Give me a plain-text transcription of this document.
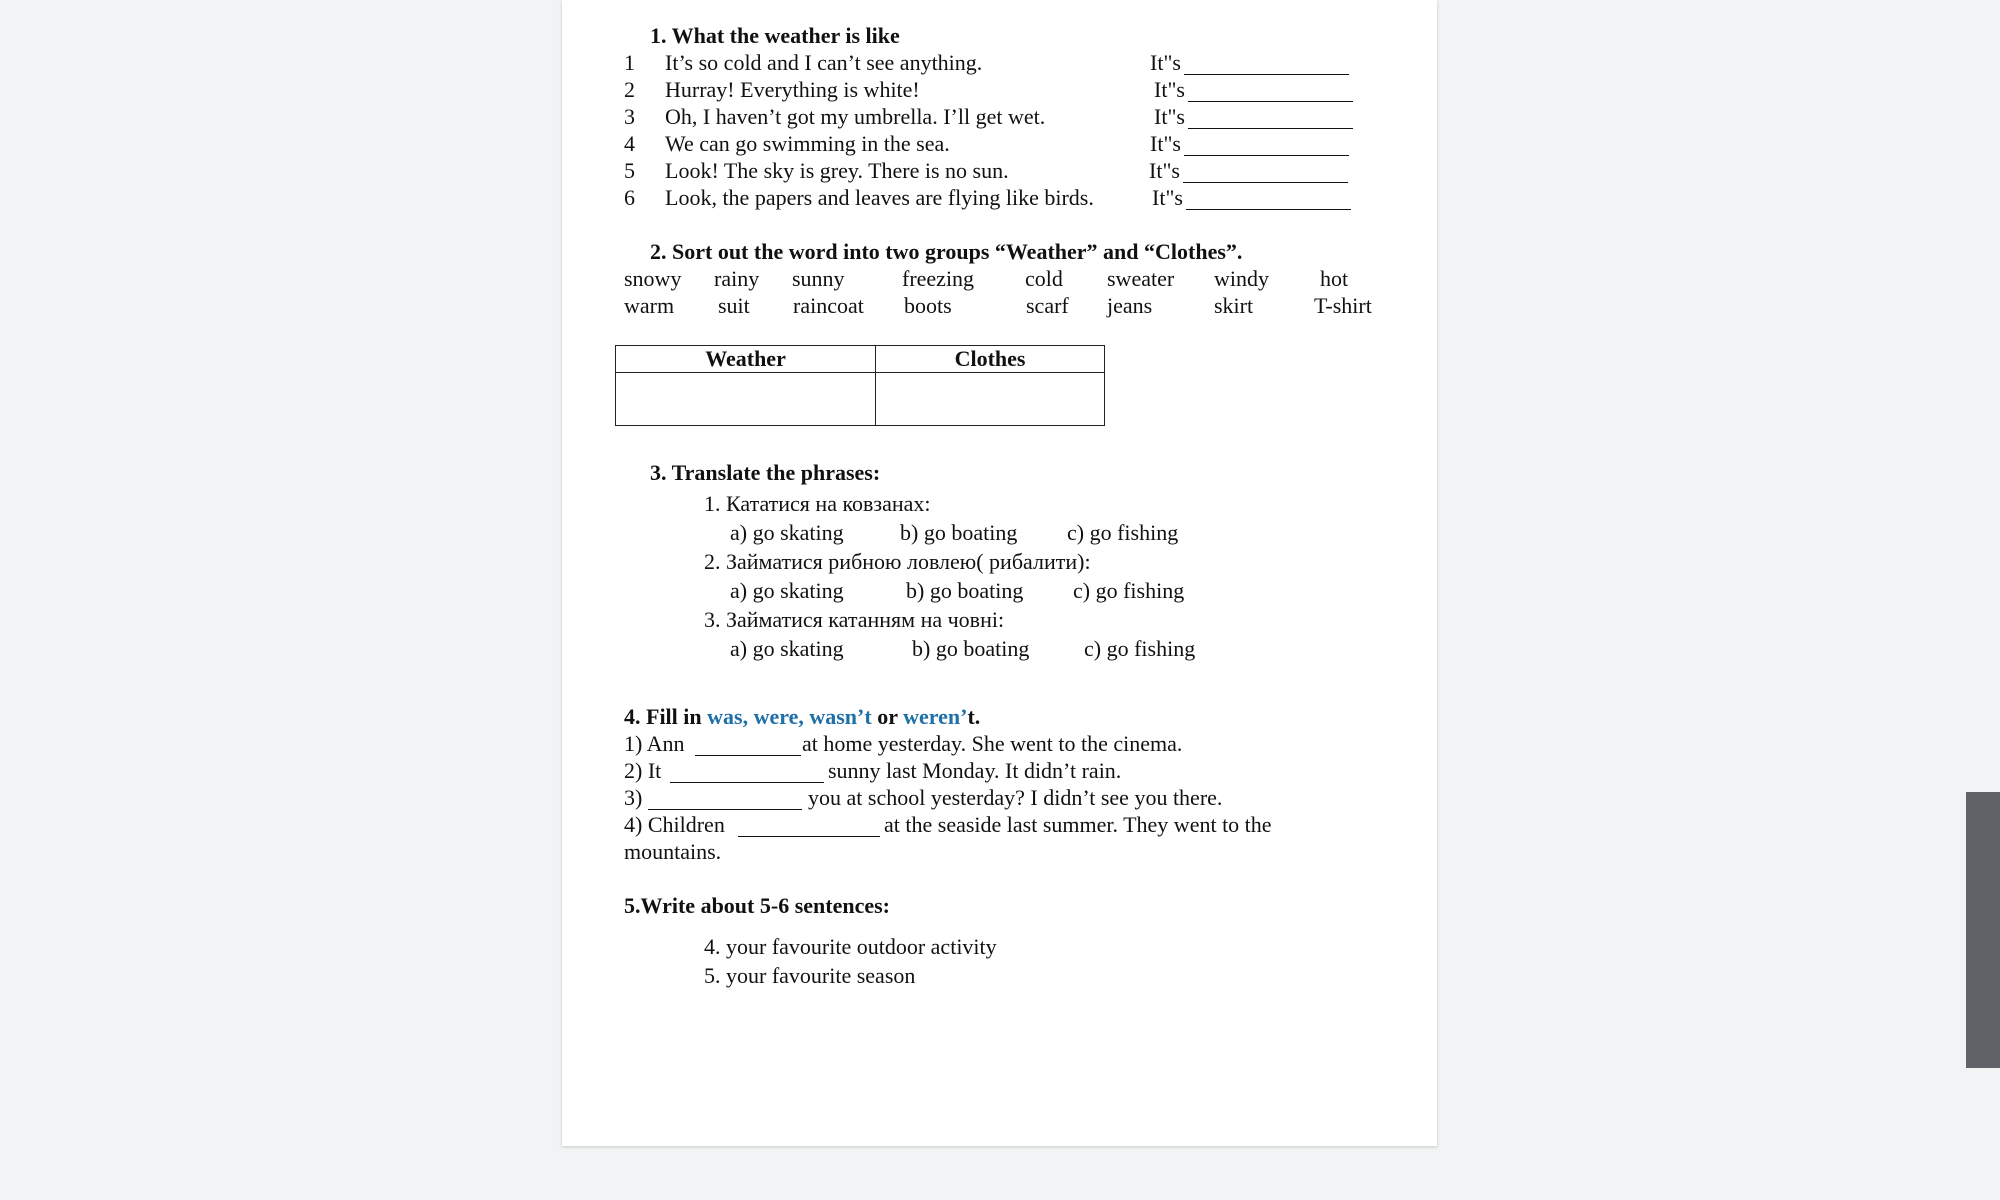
1. What the weather is like
1 It’s so cold and I can’t see anything.	It"s
2 Hurray! Everything is white!	It"s
3 Oh, I haven’t got my umbrella. I’ll get wet.	It"s
4 We can go swimming in the sea.	It"s
5 Look! The sky is grey. There is no sun.	It"s
6 Look, the papers and leaves are flying like birds.	It"s
2. Sort out the word into two groups “Weather” and “Clothes”.
snowy rainy sunny	freezing cold sweater windy hot
warm suit raincoat boots	scarf jeans	skirt	T-shirt
Weather	Clothes

3. Translate the phrases:
1. Кататися на ковзанах:
a) go skating	b) go boating c) go fishing
2. Займатися рибною ловлею( рибалити):
a) go skating	b) go boating c) go fishing
3. Займатися катанням на човні:
a) go skating	b) go boating c) go fishing
4. Fill in was, were, wasn’t or weren’t.
1) Ann	at home yesterday. She went to the cinema.
2) It	sunny last Monday. It didn’t rain.
3)	you at school yesterday? I didn’t see you there.
4) Children	at the seaside last summer. They went to the
mountains.
5.Write about 5-6 sentences:
4. your favourite outdoor activity
5. your favourite season
